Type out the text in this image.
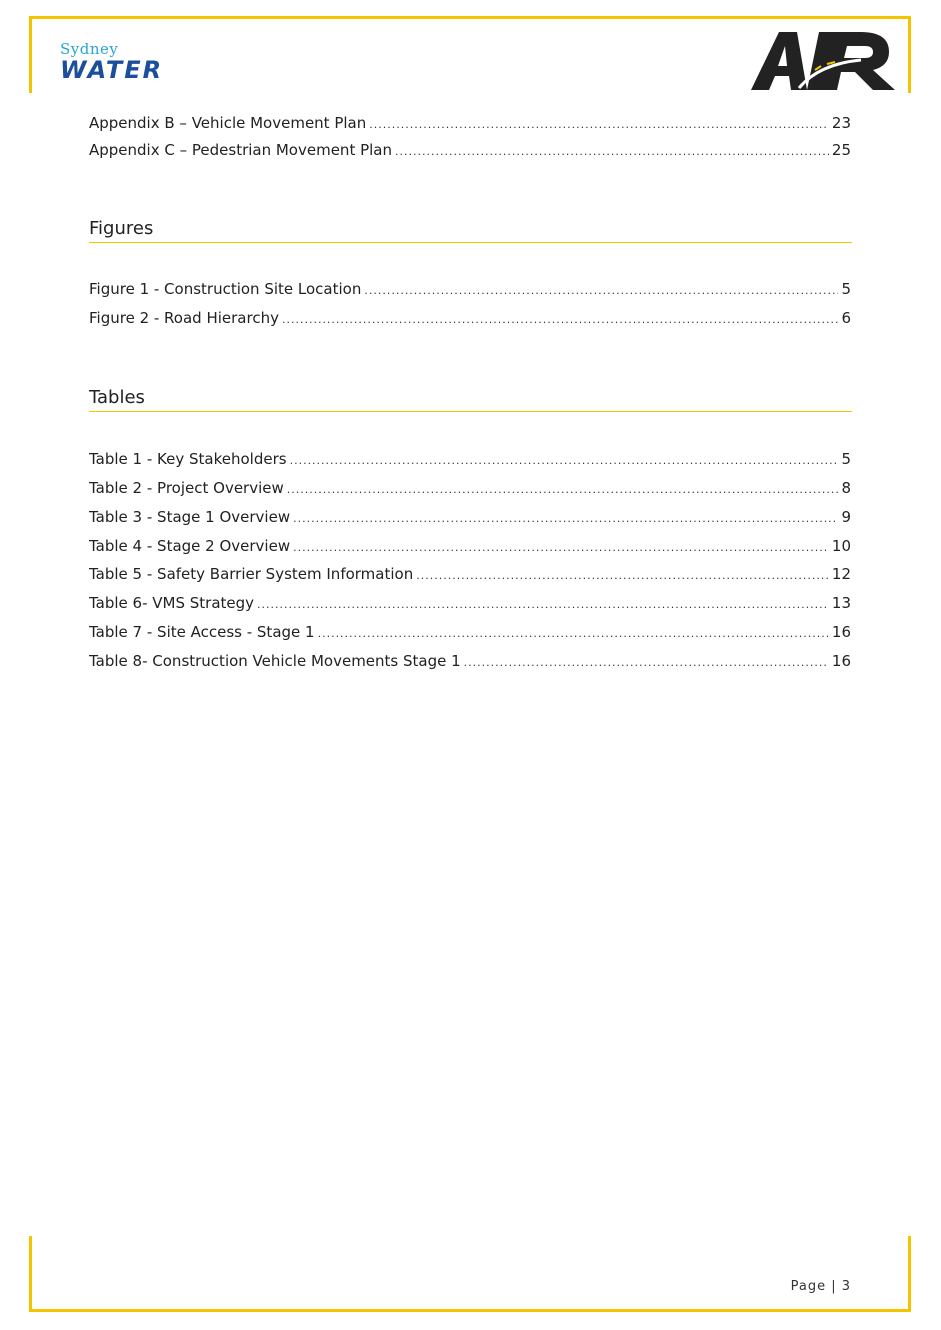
Sydney
WATER
Appendix B – Vehicle Movement Plan .....	23
Appendix C – Pedestrian Movement Plan .....	25
Figures
Figure 1 - Construction Site Location .....	5
Figure 2 - Road Hierarchy .....	6
Tables
Table 1 - Key Stakeholders .....	5
Table 2 - Project Overview .....	8
Table 3 - Stage 1 Overview .....	9
Table 4 - Stage 2 Overview .....	10
Table 5 - Safety Barrier System Information .....	12
Table 6- VMS Strategy .....	13
Table 7 - Site Access - Stage 1 .....	16
Table 8- Construction Vehicle Movements Stage 1 .....	16
Page | 3
